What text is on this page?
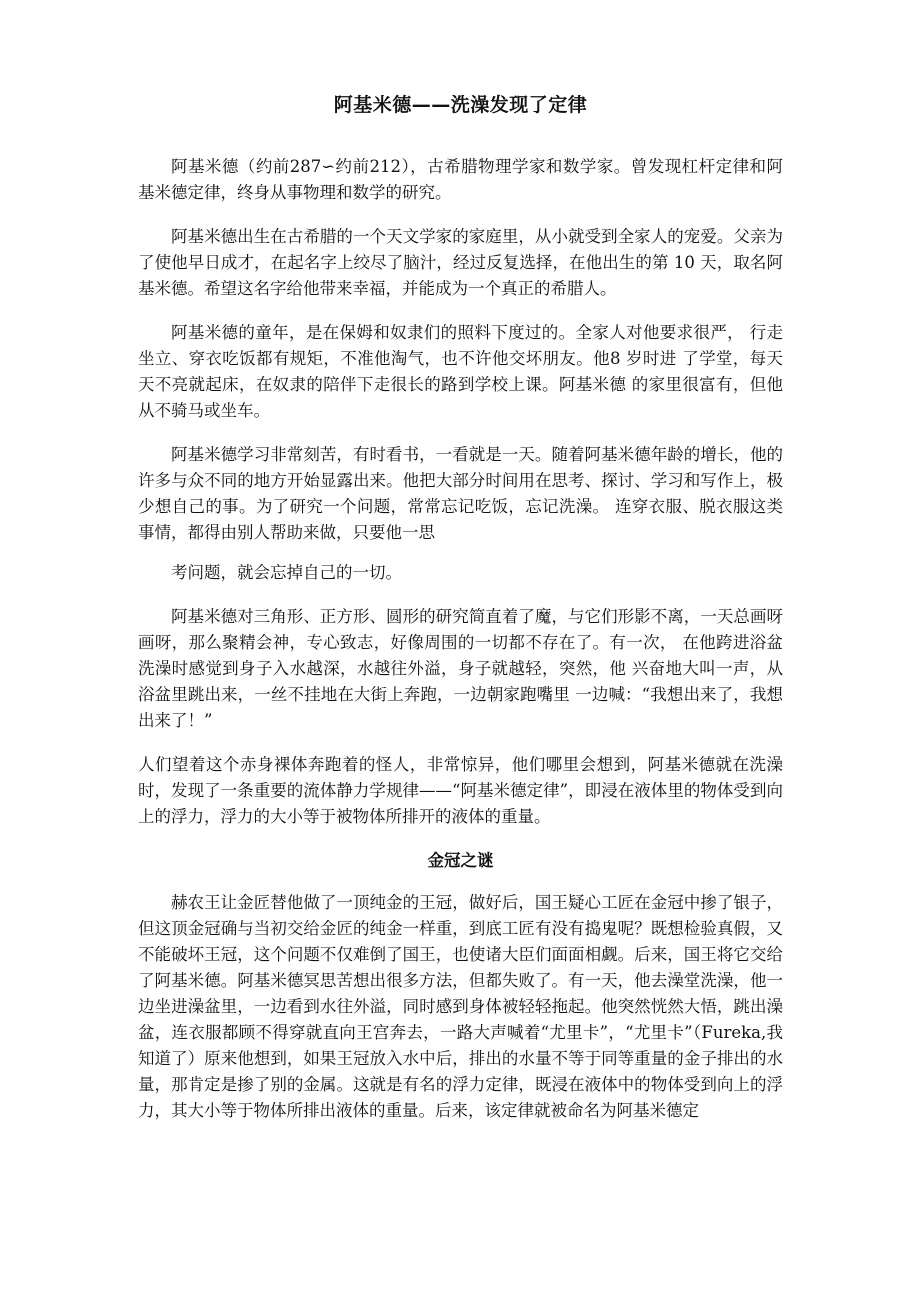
阿基米德——洗澡发现了定律

阿基米德（约前287∽约前212），古希腊物理学家和数学家。曾发现杠杆定律和阿基米德定律，终身从事物理和数学的研究。

阿基米德出生在古希腊的一个天文学家的家庭里，从小就受到全家人的宠爱。父亲为了使他早日成才，在起名字上绞尽了脑汁，经过反复选择，在他出生的第 10 天，取名阿基米德。希望这名字给他带来幸福，并能成为一个真正的希腊人。

阿基米德的童年，是在保姆和奴隶们的照料下度过的。全家人对他要求很严， 行走坐立、穿衣吃饭都有规矩，不准他淘气，也不许他交坏朋友。他8 岁时进 了学堂，每天天不亮就起床，在奴隶的陪伴下走很长的路到学校上课。阿基米德 的家里很富有，但他从不骑马或坐车。

阿基米德学习非常刻苦，有时看书，一看就是一天。随着阿基米德年龄的增长，他的许多与众不同的地方开始显露出来。他把大部分时间用在思考、探讨、学习和写作上，极少想自己的事。为了研究一个问题，常常忘记吃饭，忘记洗澡。 连穿衣服、脱衣服这类事情，都得由别人帮助来做，只要他一思

考问题，就会忘掉自己的一切。

阿基米德对三角形、正方形、圆形的研究简直着了魔，与它们形影不离，一天总画呀画呀，那么聚精会神，专心致志，好像周围的一切都不存在了。有一次， 在他跨进浴盆洗澡时感觉到身子入水越深，水越往外溢，身子就越轻，突然，他 兴奋地大叫一声，从浴盆里跳出来，一丝不挂地在大街上奔跑，一边朝家跑嘴里 一边喊：“我想出来了，我想出来了！”

人们望着这个赤身裸体奔跑着的怪人，非常惊异，他们哪里会想到，阿基米德就在洗澡时，发现了一条重要的流体静力学规律——“阿基米德定律”，即浸在液体里的物体受到向上的浮力，浮力的大小等于被物体所排开的液体的重量。

金冠之谜

赫农王让金匠替他做了一顶纯金的王冠，做好后，国王疑心工匠在金冠中掺了银子，但这顶金冠确与当初交给金匠的纯金一样重，到底工匠有没有捣鬼呢？既想检验真假，又不能破坏王冠，这个问题不仅难倒了国王，也使诸大臣们面面相觑。后来，国王将它交给了阿基米德。阿基米德冥思苦想出很多方法，但都失败了。有一天，他去澡堂洗澡，他一边坐进澡盆里，一边看到水往外溢，同时感到身体被轻轻拖起。他突然恍然大悟，跳出澡盆，连衣服都顾不得穿就直向王宫奔去，一路大声喊着“尤里卡”，“尤里卡”（Fureka,我知道了）原来他想到，如果王冠放入水中后，排出的水量不等于同等重量的金子排出的水量，那肯定是掺了别的金属。这就是有名的浮力定律，既浸在液体中的物体受到向上的浮力，其大小等于物体所排出液体的重量。后来，该定律就被命名为阿基米德定
